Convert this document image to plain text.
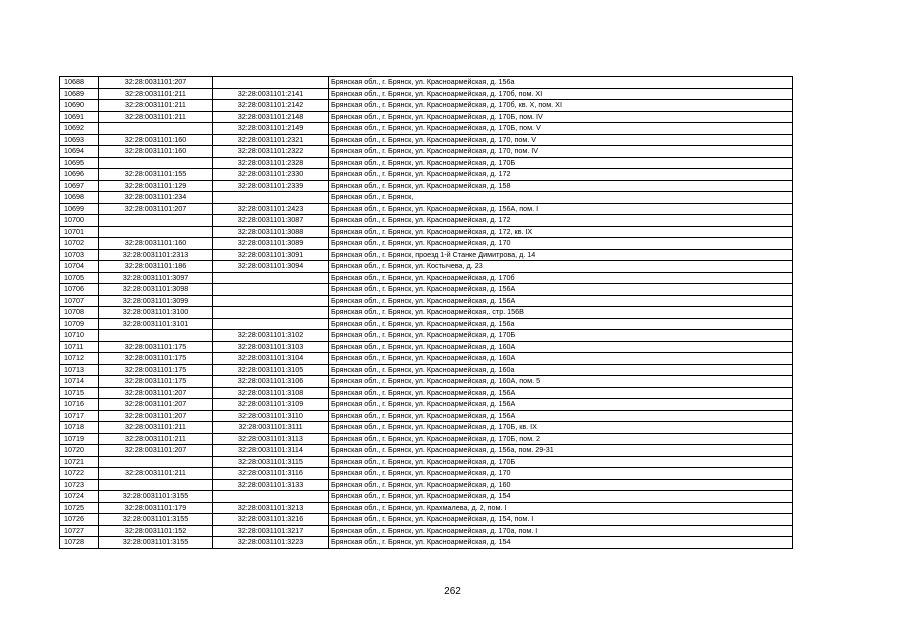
10688	32:28:0031101:207		Брянская обл., г. Брянск, ул. Красноармейская, д. 156а
10689	32:28:0031101:211	32:28:0031101:2141	Брянская обл., г. Брянск, ул. Красноармейская, д. 170б, пом. XI
10690	32:28:0031101:211	32:28:0031101:2142	Брянская обл., г. Брянск, ул. Красноармейская, д. 170б, кв. X, пом. XI
10691	32:28:0031101:211	32:28:0031101:2148	Брянская обл., г. Брянск, ул. Красноармейская, д. 170Б, пом. IV
10692		32:28:0031101:2149	Брянская обл., г. Брянск, ул. Красноармейская, д. 170Б, пом. V
10693	32:28:0031101:160	32:28:0031101:2321	Брянская обл., г. Брянск, ул. Красноармейская, д. 170, пом. V
10694	32:28:0031101:160	32:28:0031101:2322	Брянская обл., г. Брянск, ул. Красноармейская, д. 170, пом. IV
10695		32:28:0031101:2328	Брянская обл., г. Брянск, ул. Красноармейская, д. 170Б
10696	32:28:0031101:155	32:28:0031101:2330	Брянская обл., г. Брянск, ул. Красноармейская, д. 172
10697	32:28:0031101:129	32:28:0031101:2339	Брянская обл., г. Брянск, ул. Красноармейская, д. 158
10698	32:28:0031101:234		Брянская обл., г. Брянск,
10699	32:28:0031101:207	32:28:0031101:2423	Брянская обл., г. Брянск, ул. Красноармейская, д. 156А, пом. I
10700		32:28:0031101:3087	Брянская обл., г. Брянск, ул. Красноармейская, д. 172
10701		32:28:0031101:3088	Брянская обл., г. Брянск, ул. Красноармейская, д. 172, кв. IX
10702	32:28:0031101:160	32:28:0031101:3089	Брянская обл., г. Брянск, ул. Красноармейская, д. 170
10703	32:28:0031101:2313	32:28:0031101:3091	Брянская обл., г. Брянск, проезд 1-й Станке Димитрова, д. 14
10704	32:28:0031101:186	32:28:0031101:3094	Брянская обл., г. Брянск, ул. Костычева, д. 23
10705	32:28:0031101:3097		Брянская обл., г. Брянск, ул. Красноармейская, д. 170б
10706	32:28:0031101:3098		Брянская обл., г. Брянск, ул. Красноармейская, д. 156А
10707	32:28:0031101:3099		Брянская обл., г. Брянск, ул. Красноармейская, д. 156А
10708	32:28:0031101:3100		Брянская обл., г. Брянск, ул. Красноармейская,. стр. 156В
10709	32:28:0031101:3101		Брянская обл., г. Брянск, ул. Красноармейская, д. 156а
10710		32:28:0031101:3102	Брянская обл., г. Брянск, ул. Красноармейская, д. 170Б
10711	32:28:0031101:175	32:28:0031101:3103	Брянская обл., г. Брянск, ул. Красноармейская, д. 160А
10712	32:28:0031101:175	32:28:0031101:3104	Брянская обл., г. Брянск, ул. Красноармейская, д. 160А
10713	32:28:0031101:175	32:28:0031101:3105	Брянская обл., г. Брянск, ул. Красноармейская, д. 160а
10714	32:28:0031101:175	32:28:0031101:3106	Брянская обл., г. Брянск, ул. Красноармейская, д. 160А, пом. 5
10715	32:28:0031101:207	32:28:0031101:3108	Брянская обл., г. Брянск, ул. Красноармейская, д. 156А
10716	32:28:0031101:207	32:28:0031101:3109	Брянская обл., г. Брянск, ул. Красноармейская, д. 156А
10717	32:28:0031101:207	32:28:0031101:3110	Брянская обл., г. Брянск, ул. Красноармейская, д. 156А
10718	32:28:0031101:211	32:28:0031101:3111	Брянская обл., г. Брянск, ул. Красноармейская, д. 170Б, кв. IX
10719	32:28:0031101:211	32:28:0031101:3113	Брянская обл., г. Брянск, ул. Красноармейская, д. 170Б, пом. 2
10720	32:28:0031101:207	32:28:0031101:3114	Брянская обл., г. Брянск, ул. Красноармейская, д. 156а, пом. 29-31
10721		32:28:0031101:3115	Брянская обл., г. Брянск, ул. Красноармейская, д. 170Б
10722	32:28:0031101:211	32:28:0031101:3116	Брянская обл., г. Брянск, ул. Красноармейская, д. 170
10723		32:28:0031101:3133	Брянская обл., г. Брянск, ул. Красноармейская, д. 160
10724	32:28:0031101:3155		Брянская обл., г. Брянск, ул. Красноармейская, д. 154
10725	32:28:0031101:179	32:28:0031101:3213	Брянская обл., г. Брянск, ул. Крахмалева, д. 2, пом. I
10726	32:28:0031101:3155	32:28:0031101:3216	Брянская обл., г. Брянск, ул. Красноармейская, д. 154, пом. I
10727	32:28:0031101:152	32:28:0031101:3217	Брянская обл., г. Брянск, ул. Красноармейская, д. 170а, пом. I
10728	32:28:0031101:3155	32:28:0031101:3223	Брянская обл., г. Брянск, ул. Красноармейская, д. 154
262
